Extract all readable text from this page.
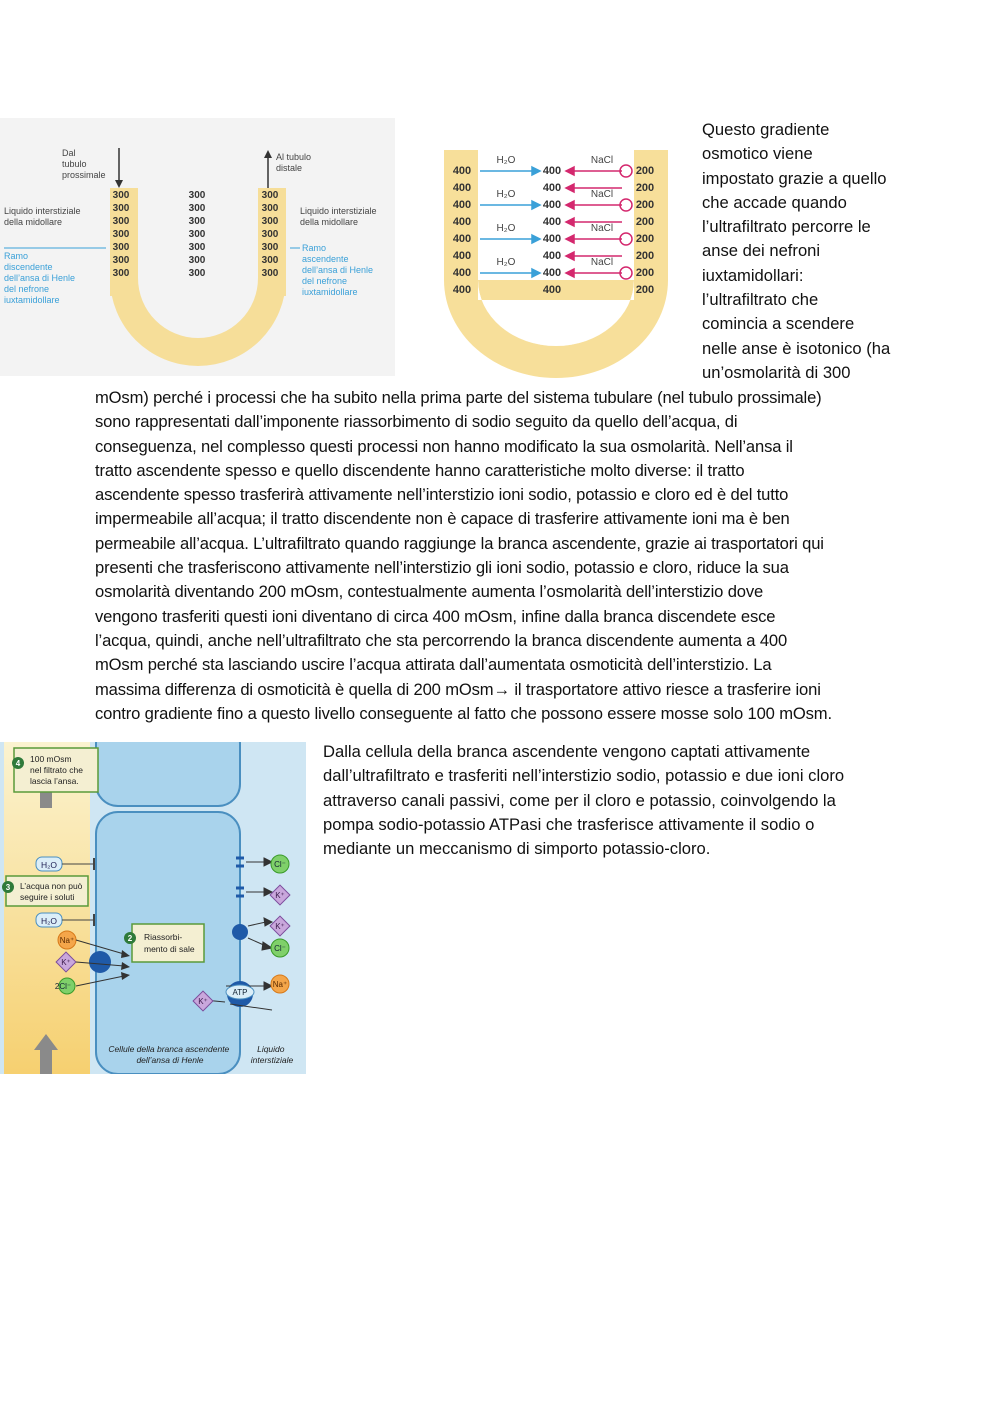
Dal tubulo prossimale
Al tubulo distale
Liquido interstiziale della midollare
Liquido interstiziale della midollare
Ramo discendente dell’ansa di Henle del nefrone iuxtamidollare
Ramo ascendente dell’ansa di Henle del nefrone iuxtamidollare
300
300
300
300
300
300
300
300
300
300
300
300
300
300
300
300
300
300
300
300
300
400
400
400
400
400
400
400
400
400
400
400
400
400
400
400
400
200
200
200
200
200
200
200
200
H₂O
H₂O
H₂O
H₂O
NaCl
NaCl
NaCl
NaCl
Questo gradiente
osmotico viene
impostato grazie a quello
che accade quando
l’ultrafiltrato percorre le
anse dei nefroni
iuxtamidollari:
l’ultrafiltrato che
comincia a scendere
nelle anse è isotonico (ha
un’osmolarità di 300
mOsm) perché i processi che ha subito nella prima parte del sistema tubulare (nel tubulo prossimale)
sono rappresentati dall’imponente riassorbimento di sodio seguito da quello dell’acqua, di
conseguenza, nel complesso questi processi non hanno modificato la sua osmolarità. Nell’ansa il
tratto ascendente spesso e quello discendente hanno caratteristiche molto diverse: il tratto
ascendente spesso trasferirà attivamente nell’interstizio ioni sodio, potassio e cloro ed è del tutto
impermeabile all’acqua; il tratto discendente non è capace di trasferire attivamente ioni ma è ben
permeabile all’acqua. L’ultrafiltrato quando raggiunge la branca ascendente, grazie ai trasportatori qui
presenti che trasferiscono attivamente nell’interstizio gli ioni sodio, potassio e cloro, riduce la sua
osmolarità diventando 200 mOsm, contestualmente aumenta l’osmolarità dell’interstizio dove
vengono trasferiti questi ioni diventano di circa 400 mOsm, infine dalla branca discendete esce
l’acqua, quindi, anche nell’ultrafiltrato che sta percorrendo la branca discendente aumenta a 400
mOsm perché sta lasciando uscire l’acqua attirata dall’aumentata osmoticità dell’interstizio. La
massima differenza di osmoticità è quella di 200 mOsm→ il trasportatore attivo riesce a trasferire ioni
contro gradiente fino a questo livello conseguente al fatto che possono essere mosse solo 100 mOsm.
4 100 mOsm nel filtrato che lascia l’ansa.
H₂O
3 L’acqua non può seguire i soluti
H₂O
Na⁺
K⁺
2Cl⁻
2 Riassorbi- mento di sale
Cl⁻
K⁺
K⁺
Cl⁻
Na⁺
K⁺
ATP
Cellule della branca ascendente dell’ansa di Henle
Liquido interstiziale
Dalla cellula della branca ascendente vengono captati attivamente
dall’ultrafiltrato e trasferiti nell’interstizio sodio, potassio e due ioni cloro
attraverso canali passivi, come per il cloro e potassio, coinvolgendo la
pompa sodio-potassio ATPasi che trasferisce attivamente il sodio o
mediante un meccanismo di simporto potassio-cloro.
